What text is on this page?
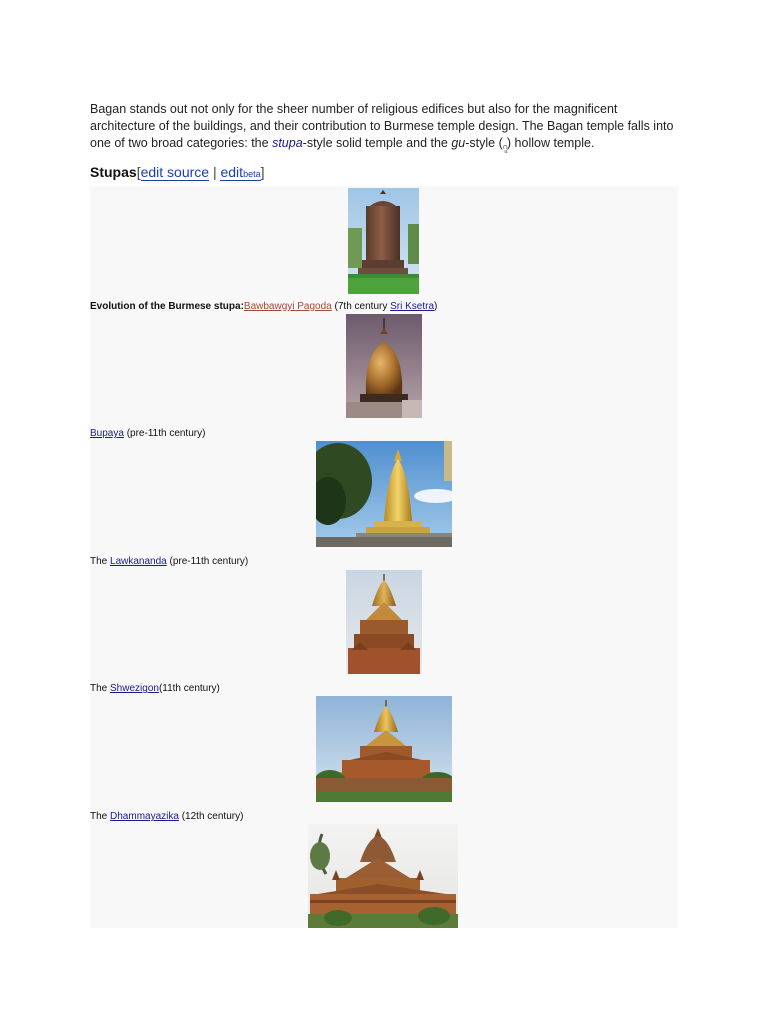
Bagan stands out not only for the sheer number of religious edifices but also for the magnificent
architecture of the buildings, and their contribution to Burmese temple design. The Bagan temple falls into
one of two broad categories: the stupa-style solid temple and the gu-style (ဂူ) hollow temple.
Stupas[edit source | editbeta]
Evolution of the Burmese stupa:Bawbawgyi Pagoda (7th century Sri Ksetra)
Bupaya (pre-11th century)
The Lawkananda (pre-11th century)
The Shwezigon(11th century)
The Dhammayazika (12th century)
